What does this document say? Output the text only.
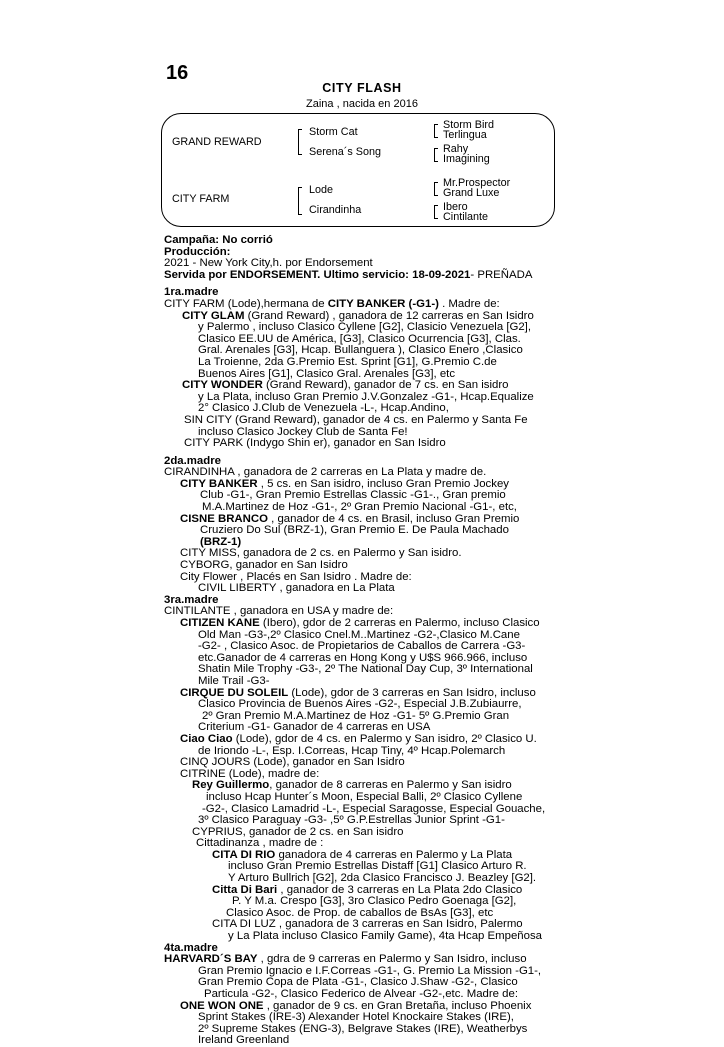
16
CITY FLASH
Zaina , nacida en 2016
GRAND REWARD
CITY FARM
Storm Cat
Serena´s Song
Lode
Cirandinha
Storm Bird
Terlingua
Rahy
Imagining
Mr.Prospector
Grand Luxe
Ibero
Cintilante
Campaña: No corrió
Producción:
2021 - New York City,h. por Endorsement
Servida por ENDORSEMENT. Ultimo servicio: 18-09-2021- PREÑADA
1ra.madre
CITY FARM (Lode),hermana de CITY BANKER (-G1-) . Madre de:
CITY GLAM (Grand Reward) , ganadora de 12 carreras en San Isidro
y Palermo , incluso Clasico Cyllene [G2], Clasicio Venezuela [G2],
Clasico EE.UU de América, [G3], Clasico Ocurrencia [G3], Clas.
Gral. Arenales [G3], Hcap. Bullanguera ), Clasico Enero ,Clasico
La Troienne, 2da G.Premio Est. Sprint [G1], G.Premio C.de
Buenos Aires [G1], Clasico Gral. Arenales [G3], etc
CITY WONDER (Grand Reward), ganador de 7 cs. en San isidro
y La Plata, incluso Gran Premio J.V.Gonzalez -G1-, Hcap.Equalize
2° Clasico J.Club de Venezuela -L-, Hcap.Andino,
SIN CITY (Grand Reward), ganador de 4 cs. en Palermo y Santa Fe
incluso Clasico Jockey Club de Santa Fe!
CITY PARK (Indygo Shin er), ganador en San Isidro
2da.madre
CIRANDINHA , ganadora de 2 carreras en La Plata y madre de.
CITY BANKER , 5 cs. en San isidro, incluso Gran Premio Jockey
Club -G1-, Gran Premio Estrellas Classic -G1-., Gran premio
M.A.Martinez de Hoz -G1-, 2º Gran Premio Nacional -G1-, etc,
CISNE BRANCO , ganador de 4 cs. en Brasil, incluso Gran Premio
Cruziero Do Sul (BRZ-1), Gran Premio E. De Paula Machado
(BRZ-1)
CITY MISS, ganadora de 2 cs. en Palermo y San isidro.
CYBORG, ganador en San Isidro
City Flower , Placés en San Isidro . Madre de:
CIVIL LIBERTY , ganadora en La Plata
3ra.madre
CINTILANTE , ganadora en USA y madre de:
CITIZEN KANE (Ibero), gdor de 2 carreras en Palermo, incluso Clasico
Old Man -G3-,2º Clasico Cnel.M..Martinez -G2-,Clasico M.Cane
-G2- , Clasico Asoc. de Propietarios de Caballos de Carrera -G3-
etc.Ganador de 4 carreras en Hong Kong y U$S 966.966, incluso
Shatin Mile Trophy -G3-, 2º The National Day Cup, 3º International
Mile Trail -G3-
CIRQUE DU SOLEIL (Lode), gdor de 3 carreras en San Isidro, incluso
Clasico Provincia de Buenos Aires -G2-, Especial J.B.Zubiaurre,
2º Gran Premio M.A.Martinez de Hoz -G1- 5º G.Premio Gran
Criterium -G1- Ganador de 4 carreras en USA
Ciao Ciao (Lode), gdor de 4 cs. en Palermo y San isidro, 2º Clasico U.
de Iriondo -L-, Esp. I.Correas, Hcap Tiny, 4º Hcap.Polemarch
CINQ JOURS (Lode), ganador en San Isidro
CITRINE (Lode), madre de:
Rey Guillermo, ganador de 8 carreras en Palermo y San isidro
incluso Hcap Hunter´s Moon, Especial Balli, 2º Clasico Cyllene
-G2-, Clasico Lamadrid -L-, Especial Saragosse, Especial Gouache,
3º Clasico Paraguay -G3- ,5º G.P.Estrellas Junior Sprint -G1-
CYPRIUS, ganador de 2 cs. en San isidro
Cittadinanza , madre de :
CITA DI RIO ganadora de 4 carreras en Palermo y La Plata
incluso Gran Premio Estrellas Distaff [G1] Clasico Arturo R.
Y Arturo Bullrich [G2], 2da Clasico Francisco J. Beazley [G2].
Citta Di Bari , ganador de 3 carreras en La Plata 2do Clasico
P. Y M.a. Crespo [G3], 3ro Clasico Pedro Goenaga [G2],
Clasico Asoc. de Prop. de caballos de BsAs [G3], etc
CITA DI LUZ , ganadora de 3 carreras en San Isidro, Palermo
y La Plata incluso Clasico Family Game), 4ta Hcap Empeñosa
4ta.madre
HARVARD´S BAY , gdra de 9 carreras en Palermo y San Isidro, incluso
Gran Premio Ignacio e I.F.Correas -G1-, G. Premio La Mission -G1-,
Gran Premio Copa de Plata -G1-, Clasico J.Shaw -G2-, Clasico
Particula -G2-, Clasico Federico de Alvear -G2-,etc. Madre de:
ONE WON ONE , ganador de 9 cs. en Gran Bretaña, incluso Phoenix
Sprint Stakes (IRE-3) Alexander Hotel Knockaire Stakes (IRE),
2º Supreme Stakes (ENG-3), Belgrave Stakes (IRE), Weatherbys
Ireland Greenland
